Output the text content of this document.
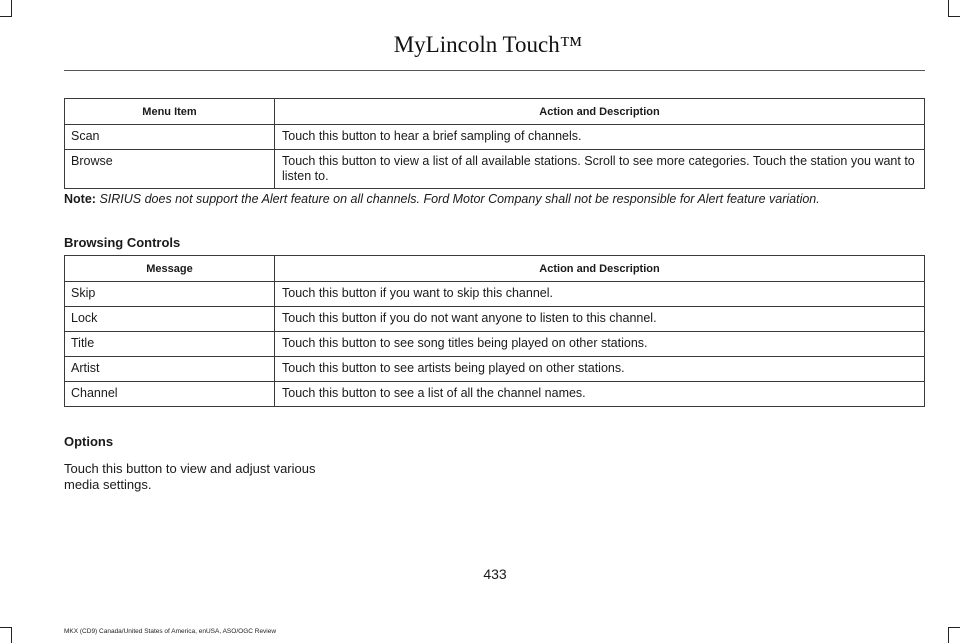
MyLincoln Touch™
Menu Item	Action and Description
Scan	Touch this button to hear a brief sampling of channels.
Browse	Touch this button to view a list of all available stations. Scroll to see more categories. Touch the station you want to listen to.
Note: SIRIUS does not support the Alert feature on all channels. Ford Motor Company shall not be responsible for Alert feature variation.
Browsing Controls
Message	Action and Description
Skip	Touch this button if you want to skip this channel.
Lock	Touch this button if you do not want anyone to listen to this channel.
Title	Touch this button to see song titles being played on other stations.
Artist	Touch this button to see artists being played on other stations.
Channel	Touch this button to see a list of all the channel names.
Options
Touch this button to view and adjust various media settings.
433
MKX (CD9) Canada/United States of America, enUSA, ASO/OGC Review
